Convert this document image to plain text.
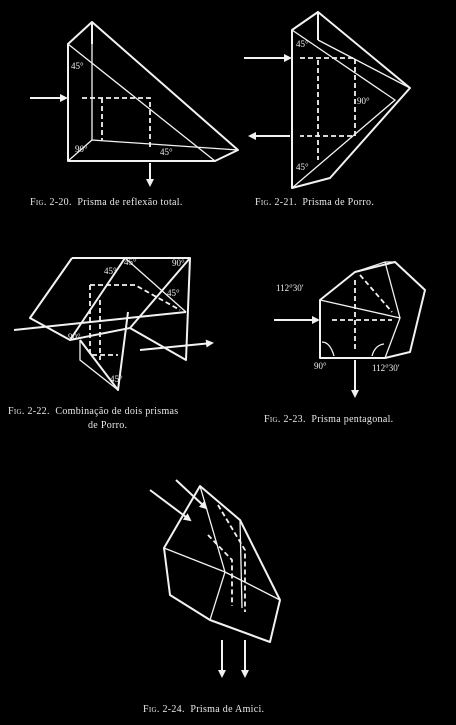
45°
90°	45°
45°
90°
45°
45°	90°
45°
45°
90°
45°
112°30′
90°	112°30′
Fig. 2-20. Prisma de reflexão total.	Fig. 2-21. Prisma de Porro.
Fig. 2-22. Combinação de dois prismas
de Porro.
Fig. 2-23. Prisma pentagonal.
Fig. 2-24. Prisma de Amici.
